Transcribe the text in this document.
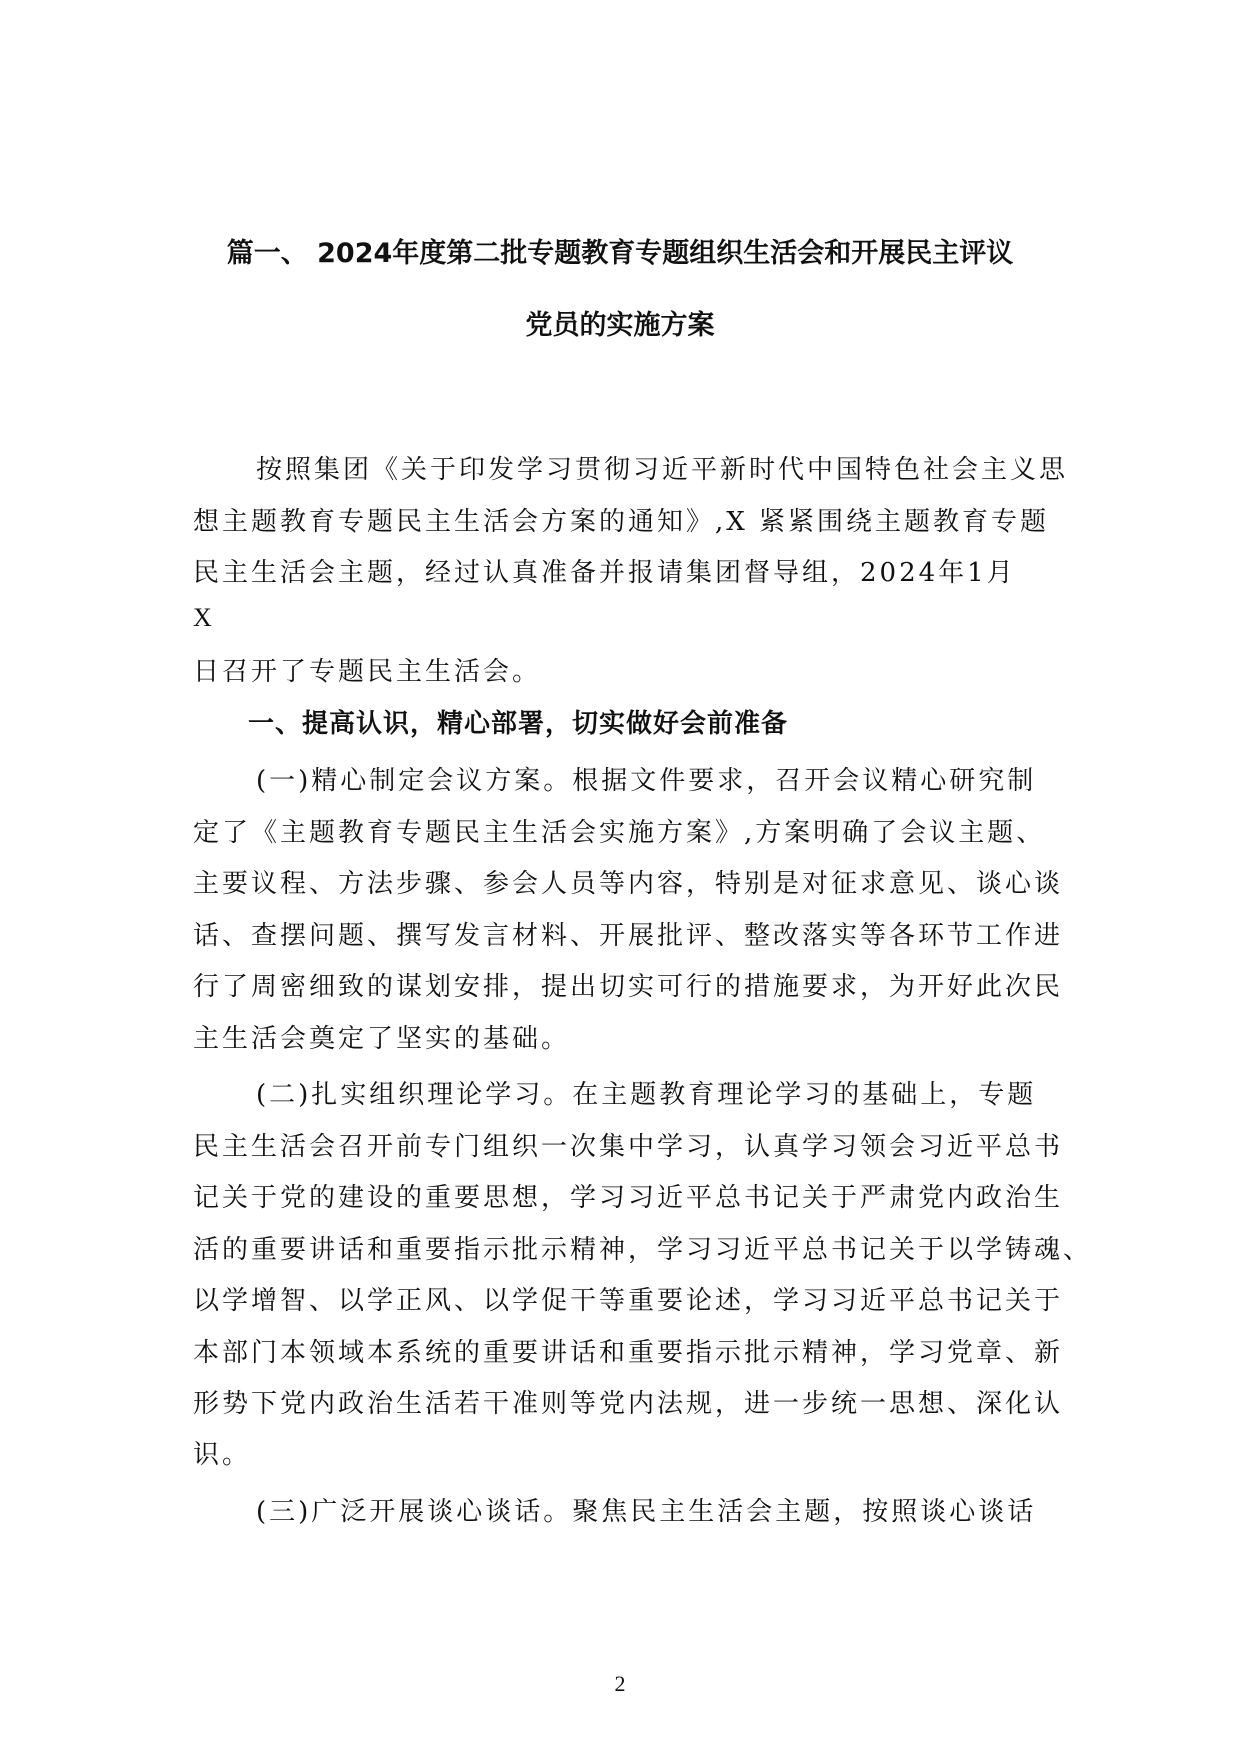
篇一、 2024年度第二批专题教育专题组织生活会和开展民主评议
党员的实施方案
按照集团《关于印发学习贯彻习近平新时代中国特色社会主义思
想主题教育专题民主生活会方案的通知》,X 紧紧围绕主题教育专题
民主生活会主题，经过认真准备并报请集团督导组，2024年1月
X
日召开了专题民主生活会。
一、提高认识，精心部署，切实做好会前准备
(一)精心制定会议方案。根据文件要求，召开会议精心研究制
定了《主题教育专题民主生活会实施方案》,方案明确了会议主题、
主要议程、方法步骤、参会人员等内容，特别是对征求意见、谈心谈
话、查摆问题、撰写发言材料、开展批评、整改落实等各环节工作进
行了周密细致的谋划安排，提出切实可行的措施要求，为开好此次民
主生活会奠定了坚实的基础。
(二)扎实组织理论学习。在主题教育理论学习的基础上，专题
民主生活会召开前专门组织一次集中学习，认真学习领会习近平总书
记关于党的建设的重要思想，学习习近平总书记关于严肃党内政治生
活的重要讲话和重要指示批示精神，学习习近平总书记关于以学铸魂、
以学增智、以学正风、以学促干等重要论述，学习习近平总书记关于
本部门本领域本系统的重要讲话和重要指示批示精神，学习党章、新
形势下党内政治生活若干准则等党内法规，进一步统一思想、深化认
识。
(三)广泛开展谈心谈话。聚焦民主生活会主题，按照谈心谈话
2
